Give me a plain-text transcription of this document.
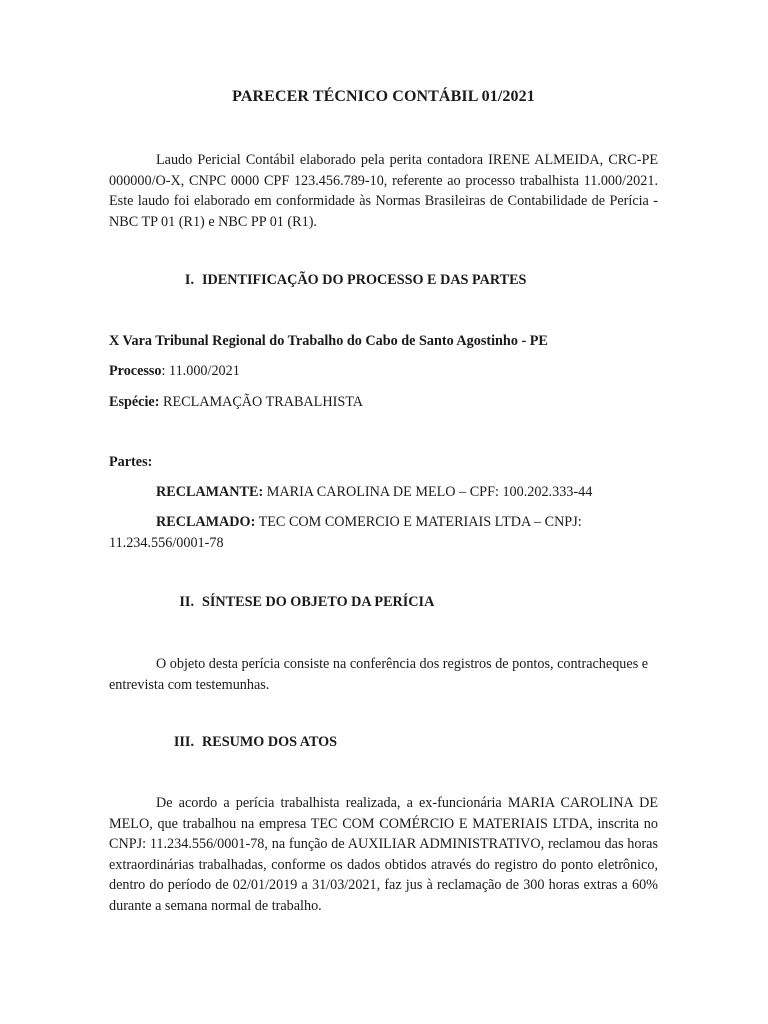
PARECER TÉCNICO CONTÁBIL 01/2021

Laudo Pericial Contábil elaborado pela perita contadora IRENE ALMEIDA, CRC-PE 000000/O-X, CNPC 0000 CPF 123.456.789-10, referente ao processo trabalhista 11.000/2021. Este laudo foi elaborado em conformidade às Normas Brasileiras de Contabilidade de Perícia - NBC TP 01 (R1) e NBC PP 01 (R1).

I. IDENTIFICAÇÃO DO PROCESSO E DAS PARTES
X Vara Tribunal Regional do Trabalho do Cabo de Santo Agostinho - PE
Processo: 11.000/2021
Espécie: RECLAMAÇÃO TRABALHISTA
Partes:

RECLAMANTE: MARIA CAROLINA DE MELO – CPF: 100.202.333-44

RECLAMADO: TEC COM COMERCIO E MATERIAIS LTDA – CNPJ: 11.234.556/0001-78

II. SÍNTESE DO OBJETO DA PERÍCIA

O objeto desta perícia consiste na conferência dos registros de pontos, contracheques e entrevista com testemunhas.

III. RESUMO DOS ATOS

De acordo a perícia trabalhista realizada, a ex-funcionária MARIA CAROLINA DE MELO, que trabalhou na empresa TEC COM COMÉRCIO E MATERIAIS LTDA, inscrita no CNPJ: 11.234.556/0001-78, na função de AUXILIAR ADMINISTRATIVO, reclamou das horas extraordinárias trabalhadas, conforme os dados obtidos através do registro do ponto eletrônico, dentro do período de 02/01/2019 a 31/03/2021, faz jus à reclamação de 300 horas extras a 60% durante a semana normal de trabalho.
